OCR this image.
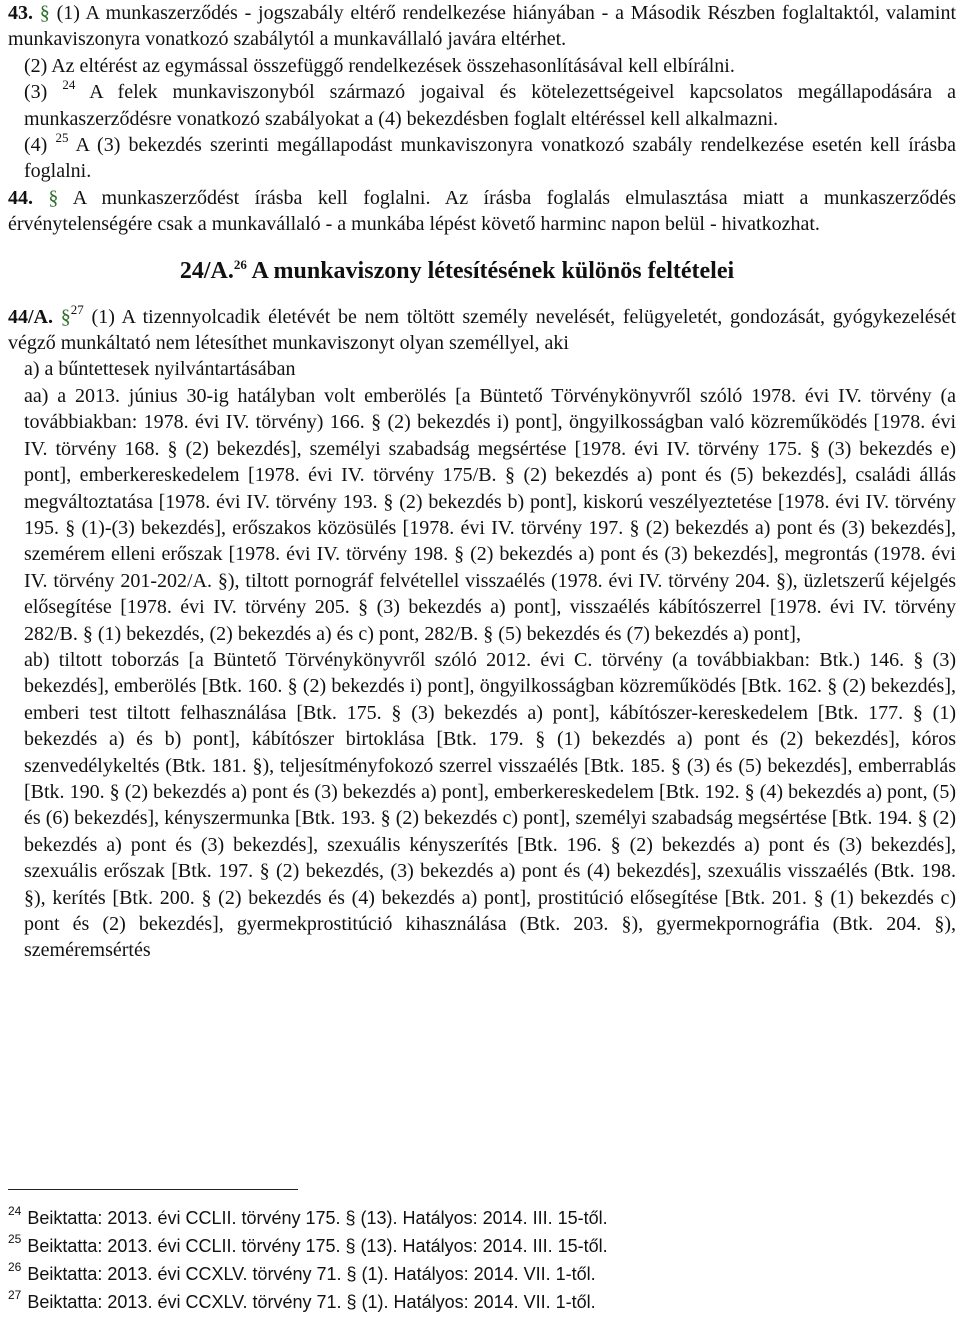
43. § (1) A munkaszerződés - jogszabály eltérő rendelkezése hiányában - a Második Részben foglaltaktól, valamint munkaviszonyra vonatkozó szabálytól a munkavállaló javára eltérhet.

(2) Az eltérést az egymással összefüggő rendelkezések összehasonlításával kell elbírálni.

(3) $^{24}$ A felek munkaviszonyból származó jogaival és kötelezettségeivel kapcsolatos megállapodására a munkaszerződésre vonatkozó szabályokat a (4) bekezdésben foglalt eltéréssel kell alkalmazni.

(4) $^{25}$ A (3) bekezdés szerinti megállapodást munkaviszonyra vonatkozó szabály rendelkezése esetén kell írásba foglalni.

44. § A munkaszerződést írásba kell foglalni. Az írásba foglalás elmulasztása miatt a munkaszerződés érvénytelenségére csak a munkavállaló - a munkába lépést követő harminc napon belül - hivatkozhat.

24/A.$^{26}$ A munkaviszony létesítésének különös feltételei

44/A. §$^{27}$ (1) A tizennyolcadik életévét be nem töltött személy nevelését, felügyeletét, gondozását, gyógykezelését végző munkáltató nem létesíthet munkaviszonyt olyan személlyel, aki

a) a bűntettesek nyilvántartásában

aa) a 2013. június 30-ig hatályban volt emberölés [a Büntető Törvénykönyvről szóló 1978. évi IV. törvény (a továbbiakban: 1978. évi IV. törvény) 166. § (2) bekezdés i) pont], öngyilkosságban való közreműködés [1978. évi IV. törvény 168. § (2) bekezdés], személyi szabadság megsértése [1978. évi IV. törvény 175. § (3) bekezdés e) pont], emberkereskedelem [1978. évi IV. törvény 175/B. § (2) bekezdés a) pont és (5) bekezdés], családi állás megváltoztatása [1978. évi IV. törvény 193. § (2) bekezdés b) pont], kiskorú veszélyeztetése [1978. évi IV. törvény 195. § (1)-(3) bekezdés], erőszakos közösülés [1978. évi IV. törvény 197. § (2) bekezdés a) pont és (3) bekezdés], szemérem elleni erőszak [1978. évi IV. törvény 198. § (2) bekezdés a) pont és (3) bekezdés], megrontás (1978. évi IV. törvény 201-202/A. §), tiltott pornográf felvétellel visszaélés (1978. évi IV. törvény 204. §), üzletszerű kéjelgés elősegítése [1978. évi IV. törvény 205. § (3) bekezdés a) pont], visszaélés kábítószerrel [1978. évi IV. törvény 282/B. § (1) bekezdés, (2) bekezdés a) és c) pont, 282/B. § (5) bekezdés és (7) bekezdés a) pont],

ab) tiltott toborzás [a Büntető Törvénykönyvről szóló 2012. évi C. törvény (a továbbiakban: Btk.) 146. § (3) bekezdés], emberölés [Btk. 160. § (2) bekezdés i) pont], öngyilkosságban közreműködés [Btk. 162. § (2) bekezdés], emberi test tiltott felhasználása [Btk. 175. § (3) bekezdés a) pont], kábítószer-kereskedelem [Btk. 177. § (1) bekezdés a) és b) pont], kábítószer birtoklása [Btk. 179. § (1) bekezdés a) pont és (2) bekezdés], kóros szenvedélykeltés (Btk. 181. §), teljesítményfokozó szerrel visszaélés [Btk. 185. § (3) és (5) bekezdés], emberrablás [Btk. 190. § (2) bekezdés a) pont és (3) bekezdés a) pont], emberkereskedelem [Btk. 192. § (4) bekezdés a) pont, (5) és (6) bekezdés], kényszermunka [Btk. 193. § (2) bekezdés c) pont], személyi szabadság megsértése [Btk. 194. § (2) bekezdés a) pont és (3) bekezdés], szexuális kényszerítés [Btk. 196. § (2) bekezdés a) pont és (3) bekezdés], szexuális erőszak [Btk. 197. § (2) bekezdés, (3) bekezdés a) pont és (4) bekezdés], szexuális visszaélés (Btk. 198. §), kerítés [Btk. 200. § (2) bekezdés és (4) bekezdés a) pont], prostitúció elősegítése [Btk. 201. § (1) bekezdés c) pont és (2) bekezdés], gyermekprostitúció kihasználása (Btk. 203. §), gyermekpornográfia (Btk. 204. §), szeméremsértés

$^{24}$ Beiktatta: 2013. évi CCLII. törvény 175. § (13). Hatályos: 2014. III. 15-től.
$^{25}$ Beiktatta: 2013. évi CCLII. törvény 175. § (13). Hatályos: 2014. III. 15-től.
$^{26}$ Beiktatta: 2013. évi CCXLV. törvény 71. § (1). Hatályos: 2014. VII. 1-től.
$^{27}$ Beiktatta: 2013. évi CCXLV. törvény 71. § (1). Hatályos: 2014. VII. 1-től.
